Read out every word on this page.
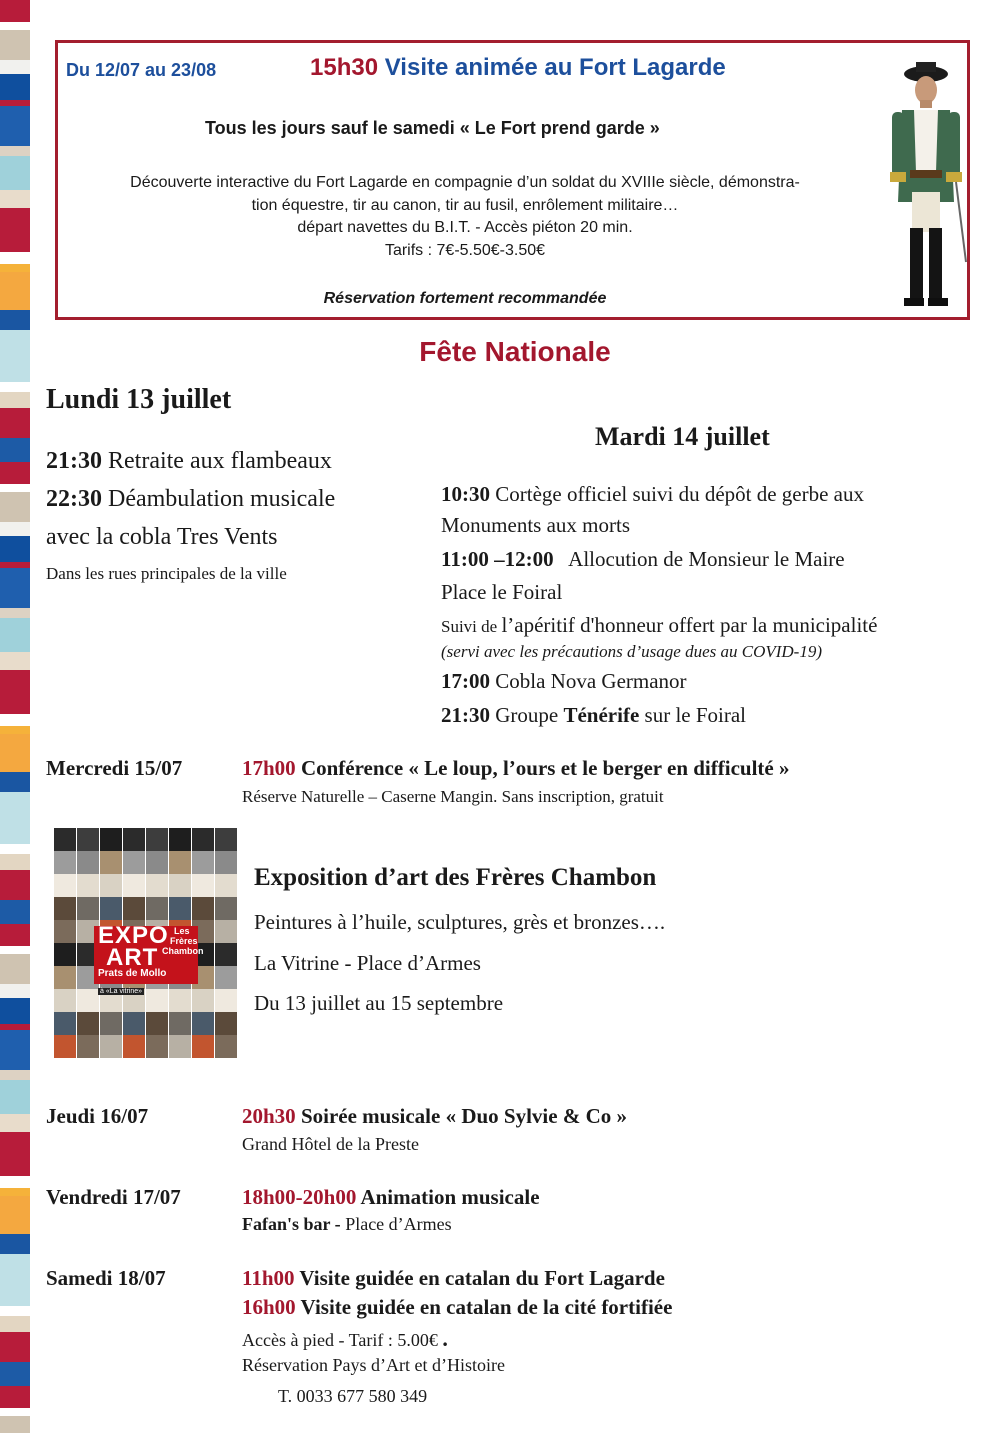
Du 12/07 au 23/08	15h30 Visite animée au Fort Lagarde
Tous les jours sauf le samedi « Le Fort prend garde »
Découverte interactive du Fort Lagarde en compagnie d’un soldat du XVIIIe siècle, démonstra-
tion équestre, tir au canon, tir au fusil, enrôlement militaire…
départ navettes du B.I.T. - Accès piéton 20 min.
Tarifs : 7€-5.50€-3.50€
Réservation fortement recommandée
Fête Nationale
Lundi 13 juillet
21:30 Retraite aux flambeaux
22:30 Déambulation musicale
avec la cobla Tres Vents
Dans les rues principales de la ville
Mardi 14 juillet
10:30 Cortège officiel suivi du dépôt de gerbe aux
Monuments aux morts
11:00 –12:00   Allocution de Monsieur le Maire
Place le Foiral
Suivi de l’apéritif d'honneur offert par la municipalité
(servi avec les précautions d’usage dues au COVID-19)
17:00 Cobla Nova Germanor
21:30 Groupe Ténérife sur le Foiral
Mercredi 15/07	17h00 Conférence « Le loup, l’ours et le berger en difficulté »
Réserve Naturelle – Caserne Mangin. Sans inscription, gratuit
EXPO
ART
Les
Frères
Chambon
Prats de Mollo
à «La vitrine»
Exposition d’art des Frères Chambon
Peintures à l’huile, sculptures, grès et bronzes….
La Vitrine - Place d’Armes
Du 13 juillet au 15 septembre
Jeudi 16/07	20h30 Soirée musicale « Duo Sylvie & Co »
Grand Hôtel de la Preste
Vendredi 17/07	18h00-20h00 Animation musicale
Fafan's bar - Place d’Armes
Samedi 18/07	11h00 Visite guidée en catalan du Fort Lagarde
16h00 Visite guidée en catalan de la cité fortifiée
Accès à pied - Tarif : 5.00€ .
Réservation Pays d’Art et d’Histoire
T. 0033 677 580 349
